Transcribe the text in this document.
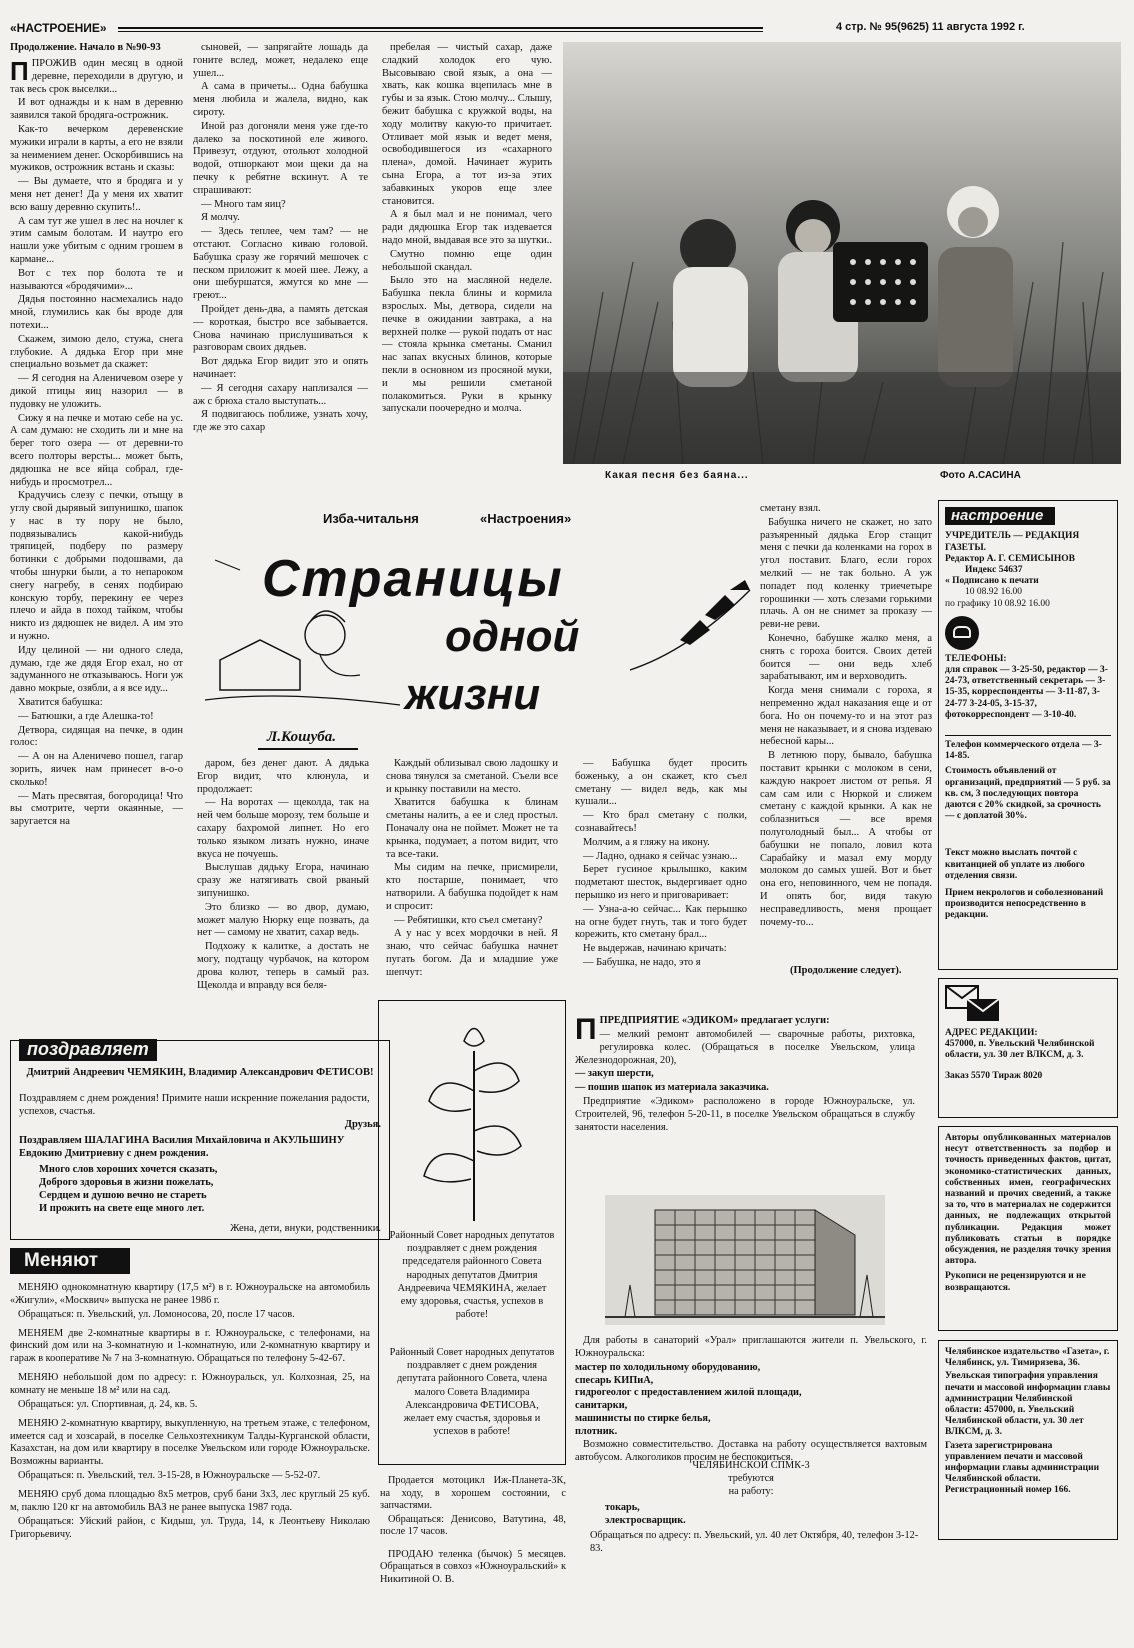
«НАСТРОЕНИЕ»	4 стр. № 95(9625) 11 августа 1992 г.
Продолжение. Начало в №90-93

ППРОЖИВ один месяц в одной деревне, переходили в другую, и так весь срок выселки...

И вот однажды и к нам в деревню заявился такой бродяга-острожник.

Как-то вечерком деревенские мужики играли в карты, а его не взяли за неимением денег. Оскорбившись на мужиков, острожник встань и сказы:

— Вы думаете, что я бродяга и у меня нет денег! Да у меня их хватит всю вашу деревню скупить!..

А сам тут же ушел в лес на ночлег к этим самым болотам. И наутро его нашли уже убитым с одним грошем в кармане...

Вот с тех пор болота те и называются «бродячими»...

Дядья постоянно насмехались надо мной, глумились как бы вроде для потехи...

Скажем, зимою дело, стужа, снега глубокие. А дядька Егор при мне специально возьмет да скажет:

— Я сегодня на Аленичевом озере у дикой птицы яиц назорил — в пудовку не уложить.

Сижу я на печке и мотаю себе на ус. А сам думаю: не сходить ли и мне на берег того озера — от деревни-то всего полторы версты... может быть, дядюшка не все яйца собрал, где-нибудь и просмотрел...

Крадучись слезу с печки, отыщу в углу свой дырявый зипунишко, шапок у нас в ту пору не было, подвязывались какой-нибудь тряпицей, подберу по размеру ботинки с добрыми подошвами, да чтобы шнурки были, а то непароком снегу нагребу, в сенях подбираю конскую торбу, перекину ее через плечо и айда в поход тайком, чтобы никто из дядюшек не видел. А им это и нужно.

Иду целиной — ни одного следа, думаю, где же дядя Егор ехал, но от задуманного не отказываюсь. Ноги уж давно мокрые, озябли, а я все иду...

Хватится бабушка:

— Батюшки, а где Алешка-то!

Детвора, сидящая на печке, в один голос:

— А он на Аленичево пошел, гагар зорить, яичек нам принесет в-о-о сколько!

— Мать пресвятая, богородица! Что вы смотрите, черти окаянные, — заругается на

сыновей, — запрягайте лошадь да гоните вслед, может, недалеко еще ушел...

А сама в причеты... Одна бабушка меня любила и жалела, видно, как сироту.

Иной раз догоняли меня уже где-то далеко за поскотиной еле живого. Привезут, отдуют, отольют холодной водой, отшоркают мои щеки да на печку к ребятне вскинут. А те спрашивают:

— Много там яиц?

Я молчу.

— Здесь теплее, чем там? — не отстают. Согласно киваю головой. Бабушка сразу же горячий мешочек с песком приложит к моей шее. Лежу, а они шебуршатся, жмутся ко мне — греют...

Пройдет день-два, а память детская — короткая, быстро все забывается. Снова начинаю прислушиваться к разговорам своих дядьев.

Вот дядька Егор видит это и опять начинает:

— Я сегодня сахару наплизался — аж с брюха стало выступать...

Я подвигаюсь поближе, узнать хочу, где же это сахар

пребелая — чистый сахар, даже сладкий холодок его чую. Высовываю свой язык, а она — хвать, как кошка вцепилась мне в губы и за язык. Стою молчу... Слышу, бежит бабушка с кружкой воды, на ходу молитву какую-то причитает. Отливает мой язык и ведет меня, освободившегося из «сахарного плена», домой. Начинает журить сына Егора, а тот из-за этих забавкиных укоров еще злее становится.

А я был мал и не понимал, чего ради дядюшка Егор так издевается надо мной, выдавая все это за шутки..

Смутно помню еще один небольшой скандал.

Было это на масляной неделе. Бабушка пекла блины и кормила взрослых. Мы, детвора, сидели на печке в ожидании завтрака, а на верхней полке — рукой подать от нас — стояла крынка сметаны. Сманил нас запах вкусных блинов, которые пекли в основном из просяной муки, и мы решили сметаной полакомиться. Руки в крынку запускали поочередно и молча.

Какая песня без баяна...	Фото А.САСИНА
Изба-читальня	«Настроения»
Страницы
одной
жизни
Л.Кошуба.

даром, без денег дают. А дядька Егор видит, что клюнула, и продолжает:

— На воротах — щеколда, так на ней чем больше морозу, тем больше и сахару бахромой липнет. Но его только языком лизать нужно, иначе вкуса не почуешь.

Выслушав дядьку Егора, начинаю сразу же натягивать свой рваный зипунишко.

Это близко — во двор, думаю, может малую Нюрку еще позвать, да нет — самому не хватит, сахар ведь.

Подхожу к калитке, а достать не могу, подтащу чурбачок, на котором дрова колют, теперь в самый раз. Щеколда и вправду вся беля-

Каждый облизывал свою ладошку и снова тянулся за сметаной. Съели все и крынку поставили на место.

Хватится бабушка к блинам сметаны налить, а ее и след простыл. Поначалу она не поймет. Может не та крынка, подумает, а потом видит, что та все-таки.

Мы сидим на печке, присмирели, кто постарше, понимает, что натворили. А бабушка подойдет к нам и спросит:

— Ребятишки, кто съел сметану?

А у нас у всех мордочки в ней. Я знаю, что сейчас бабушка начнет пугать богом. Да и младшие уже шепчут:

— Бабушка будет просить боженьку, а он скажет, кто съел сметану — видел ведь, как мы кушали...

— Кто брал сметану с полки, сознавайтесь!

Молчим, а я гляжу на икону.

— Ладно, однако я сейчас узнаю...

Берет гусиное крылышко, каким подметают шесток, выдергивает одно перышко из него и приговаривает:

— Узна-а-ю сейчас... Как перышко на огне будет гнуть, так и того будет корежить, кто сметану брал...

Не выдержав, начинаю кричать:

— Бабушка, не надо, это я

сметану взял.

Бабушка ничего не скажет, но зато разъяренный дядька Егор стащит меня с печки да коленками на горох в угол поставит. Благо, если горох мелкий — не так больно. А уж попадет под коленку триечетыре горошинки — хоть слезами горькими плачь. А он не снимет за проказу — реви-не реви.

Конечно, бабушке жалко меня, а снять с гороха боится. Своих детей боится — они ведь хлеб зарабатывают, им и верховодить.

Когда меня снимали с гороха, я непременно ждал наказания еще и от бога. Но он почему-то и на этот раз меня не наказывает, и я снова издеваю небесной кары...

В летнюю пору, бывало, бабушка поставит крынки с молоком в сени, каждую накроет листом от репья. Я сам сам или с Нюркой и слижем сметану с каждой крынки. А как не соблазниться — все время полуголодный был... А чтобы от бабушки не попало, ловил кота Сарабайку и мазал ему морду молоком до самых ушей. Вот и бьет она его, неповинного, чем не попадя. И опять бог, видя такую несправедливость, меня прощает почему-то...

(Продолжение следует).
поздравляет
Дмитрий Андреевич ЧЕМЯКИН, Владимир Александрович ФЕТИСОВ!
Поздравляем с днем рождения! Примите наши искренние пожелания радости, успехов, счастья.
Друзья.
Поздравляем ШАЛАГИНА Василия Михайловича и АКУЛЬШИНУ Евдокию Дмитриевну с днем рождения.
Много слов хороших хочется сказать,
Доброго здоровья в жизни пожелать,
Сердцем и душою вечно не стареть
И прожить на свете еще много лет.
Жена, дети, внуки, родственники.
Меняют

МЕНЯЮ однокомнатную квартиру (17,5 м²) в г. Южноуральске на автомобиль «Жигули», «Москвич» выпуска не ранее 1986 г.

Обращаться: п. Увельский, ул. Ломоносова, 20, после 17 часов.

МЕНЯЕМ две 2-комнатные квартиры в г. Южноуральске, с телефонами, на финский дом или на 3-комнатную и 1-комнатную, или 2-комнатную квартиру и гараж в кооперативе № 7 на 3-комнатную. Обращаться по телефону 5-42-67.

МЕНЯЮ небольшой дом по адресу: г. Южноуральск, ул. Колхозная, 25, на комнату не меньше 18 м² или на сад.

Обращаться: ул. Спортивная, д. 24, кв. 5.

МЕНЯЮ 2-комнатную квартиру, выкупленную, на третьем этаже, с телефоном, имеется сад и хозсарай, в поселке Сельхозтехникум Талды-Курганской области, Казахстан, на дом или квартиру в поселке Увельском или городе Южноуральске. Возможны варианты.

Обращаться: п. Увельский, тел. 3-15-28, в Южноуральске — 5-52-07.

МЕНЯЮ сруб дома площадью 8х5 метров, сруб бани 3х3, лес круглый 25 куб. м, паклю 120 кг на автомобиль ВАЗ не ранее выпуска 1987 года.

Обращаться: Уйский район, с Кидыш, ул. Труда, 14, к Леонтьеву Николаю Григорьевичу.

Районный Совет народных депутатов поздравляет с днем рождения председателя районного Совета народных депутатов Дмитрия Андреевича ЧЕМЯКИНА, желает ему здоровья, счастья, успехов в работе!
Районный Совет народных депутатов поздравляет с днем рождения депутата районного Совета, члена малого Совета Владимира Александровича ФЕТИСОВА, желает ему счастья, здоровья и успехов в работе!

Продается мотоцикл Иж-Планета-3К, на ходу, в хорошем состоянии, с запчастями.

Обращаться: Денисово, Ватутина, 48, после 17 часов.

ПРОДАЮ теленка (бычок) 5 месяцев. Обращаться в совхоз «Южноуральский» к Никитиной О. В.

ППРЕДПРИЯТИЕ «ЭДИКОМ» предлагает услуги:

— мелкий ремонт автомобилей — сварочные работы, рихтовка, регулировка колес. (Обращаться в поселке Увельском, улица Железнодорожная, 20),

— закуп шерсти,

— пошив шапок из материала заказчика.

Предприятие «Эдиком» расположено в городе Южноуральске, ул. Строителей, 96, телефон 5-20-11, в поселке Увельском обращаться в службу занятости населения.

Для работы в санаторий «Урал» приглашаются жители п. Увельского, г. Южноуральска:

мастер по холодильному оборудованию,
спесарь КИПиА,
гидрогеолог с предоставлением жилой площади,
санитарки,
машинисты по стирке белья,
плотник.

Возможно совместительство. Доставка на работу осуществляется вахтовым автобусом. Алкоголиков просим не беспокоиться.

ЧЕЛЯБИНСКОЙ СПМК-3
требуются
на работу:
токарь,
электросварщик.
Обращаться по адресу: п. Увельский, ул. 40 лет Октября, 40, телефон 3-12-83.
настроение
УЧРЕДИТЕЛЬ — РЕДАКЦИЯ ГАЗЕТЫ.
Редактор А. Г. СЕМИСЫНОВ
Индекс 54637
« Подписано к печати
10 08.92 16.00
по графику 10 08.92 16.00
ТЕЛЕФОНЫ:
для справок — 3-25-50, редактор — 3-24-73, ответственный секретарь — 3-15-35, корреспонденты — 3-11-87, 3-24-77 3-24-05, 3-15-37, фотокорреспондент — 3-10-40.
Телефон коммерческого отдела — 3-14-85.
Стоимость объявлений от организаций, предприятий — 5 руб. за кв. см, 3 последующих повтора даются с 20% скидкой, за срочность — с доплатой 30%.
Текст можно выслать почтой с квитанцией об уплате из любого отделения связи.
Прием некрологов и соболезнований производится непосредственно в редакции.
АДРЕС РЕДАКЦИИ:
457000, п. Увельский Челябинской области, ул. 30 лет ВЛКСМ, д. 3.
Заказ 5570 Тираж 8020
Авторы опубликованных материалов несут ответственность за подбор и точность приведенных фактов, цитат, экономико-статистических данных, собственных имен, географических названий и прочих сведений, а также за то, что в материалах не содержится данных, не подлежащих открытой публикации. Редакция может публиковать статьи в порядке обсуждения, не разделяя точку зрения автора.
Рукописи не рецензируются и не возвращаются.
Челябинское издательство «Газета», г. Челябинск, ул. Тимирязева, 36.
Увельская типография управления печати и массовой информации главы администрации Челябинской области: 457000, п. Увельский Челябинской области, ул. 30 лет ВЛКСМ, д. 3.
Газета зарегистрирована управлением печати и массовой информации главы администрации Челябинской области. Регистрационный номер 166.
